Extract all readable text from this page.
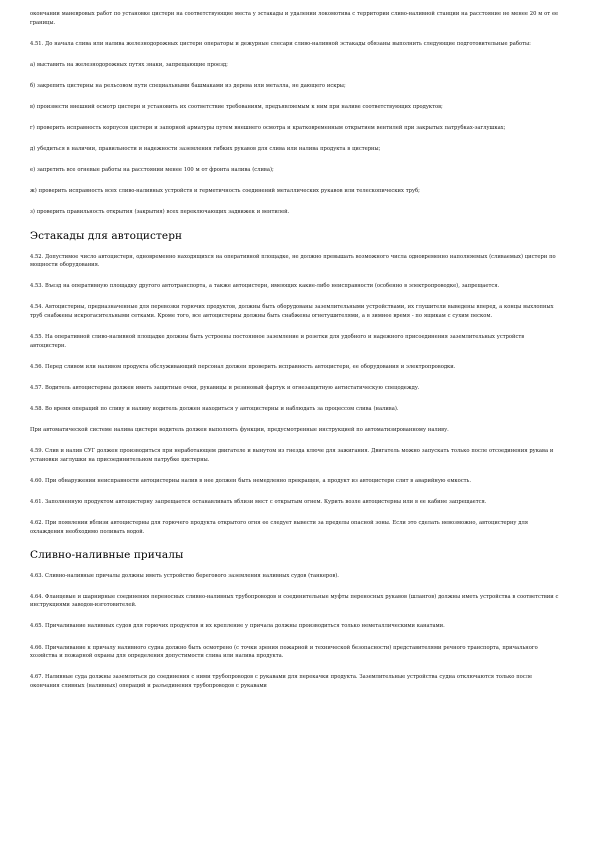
окончании маневровых работ по установке цистерн на соответствующие места у эстакады и удалении локомотива с территории сливо-наливной станции на расстояние не менее 20 м от ее границы.

4.51. До начала слива или налива железнодорожных цистерн операторы и дежурные слесари сливо-наливной эстакады обязаны выполнить следующие подготовительные работы:

а) выставить на железнодорожных путях знаки, запрещающие проезд;

б) закрепить цистерны на рельсовом пути специальными башмаками из дерева или металла, не дающего искры;

в) произвести внешний осмотр цистерн и установить их соответствие требованиям, предъявляемым к ним при наливе соответствующих продуктов;

г) проверить исправность корпусов цистерн и запорной арматуры путем внешнего осмотра и кратковременным открытием вентилей при закрытых патрубках-заглушках;

д) убедиться в наличии, правильности и надежности заземления гибких рукавов для слива или налива продукта в цистерны;

е) запретить все огневые работы на расстоянии менее 100 м от фронта налива (слива);

ж) проверить исправность всех сливо-наливных устройств и герметичность соединений металлических рукавов или телескопических труб;

з) проверить правильность открытия (закрытия) всех переключающих задвижек и вентилей.

Эстакады для автоцистерн

4.52. Допустимое число автоцистерн, одновременно находящихся на оперативной площадке, не должно превышать возможного числа одновременно наполняемых (сливаемых) цистерн по мощности оборудования.

4.53. Въезд на оперативную площадку другого автотранспорта, а также автоцистерн, имеющих какие-либо неисправности (особенно в электропроводке), запрещается.

4.54. Автоцистерны, предназначенные для перевозки горючих продуктов, должны быть оборудованы заземлительными устройствами, их глушители выведены вперед, а концы выхлопных труб снабжены искрогасительными сетками. Кроме того, все автоцистерны должны быть снабжены огнетушителями, а в зимнее время - по ящикам с сухим песком.

4.55. На оперативной сливо-наливной площадке должны быть устроены постоянное заземление и розетки для удобного и надежного присоединения заземлительных устройств автоцистерн.

4.56. Перед сливом или наливом продукта обслуживающий персонал должен проверить исправность автоцистерн, ее оборудования и электропроводки.

4.57. Водитель автоцистерны должен иметь защитные очки, рукавицы и резиновый фартук и огнезащитную антистатическую спецодежду.

4.58. Во время операций по сливу и наливу водитель должен находиться у автоцистерны и наблюдать за процессом слива (налива).

При автоматической системе налива цистерн водитель должен выполнять функции, предусмотренные инструкцией по автоматизированному наливу.

4.59. Слив и налив СУГ должен производиться при неработающем двигателе и вынутом из гнезда ключе для зажигания. Двигатель можно запускать только после отсоединения рукава и установки заглушки на присоединительном патрубке цистерны.

4.60. При обнаружении неисправности автоцистерны налив в нее должен быть немедленно прекращен, а продукт из автоцистерн слит в аварийную емкость.

4.61. Заполненную продуктом автоцистерну запрещается останавливать вблизи мест с открытым огнем. Курить возле автоцистерны или в ее кабине запрещается.

4.62. При появлении вблизи автоцистерны для горючего продукта открытого огня ее следует вывести за пределы опасной зоны. Если это сделать невозможно, автоцистерну для охлаждения необходимо поливать водой.

Сливно-наливные причалы

4.63. Сливно-наливные причалы должны иметь устройство берегового заземления наливных судов (танкеров).

4.64. Фланцевые и шарнирные соединения переносных сливно-наливных трубопроводов и соединительные муфты переносных рукавов (шлангов) должны иметь устройства в соответствии с инструкциями заводов-изготовителей.

4.65. Причаливание наливных судов для горючих продуктов и их крепление у причала должны производиться только неметаллическими канатами.

4.66. Причаливание к причалу наливного судна должно быть осмотрено (с точки зрения пожарной и технической безопасности) представителями речного транспорта, причального хозяйства и пожарной охраны для определения допустимости слива или налива продукта.

4.67. Наливные суда должны заземляться до соединения с ними трубопроводов с рукавами для перекачки продукта. Заземлительные устройства судна отключаются только после окончания сливных (наливных) операций и разъединения трубопроводов с рукавами
